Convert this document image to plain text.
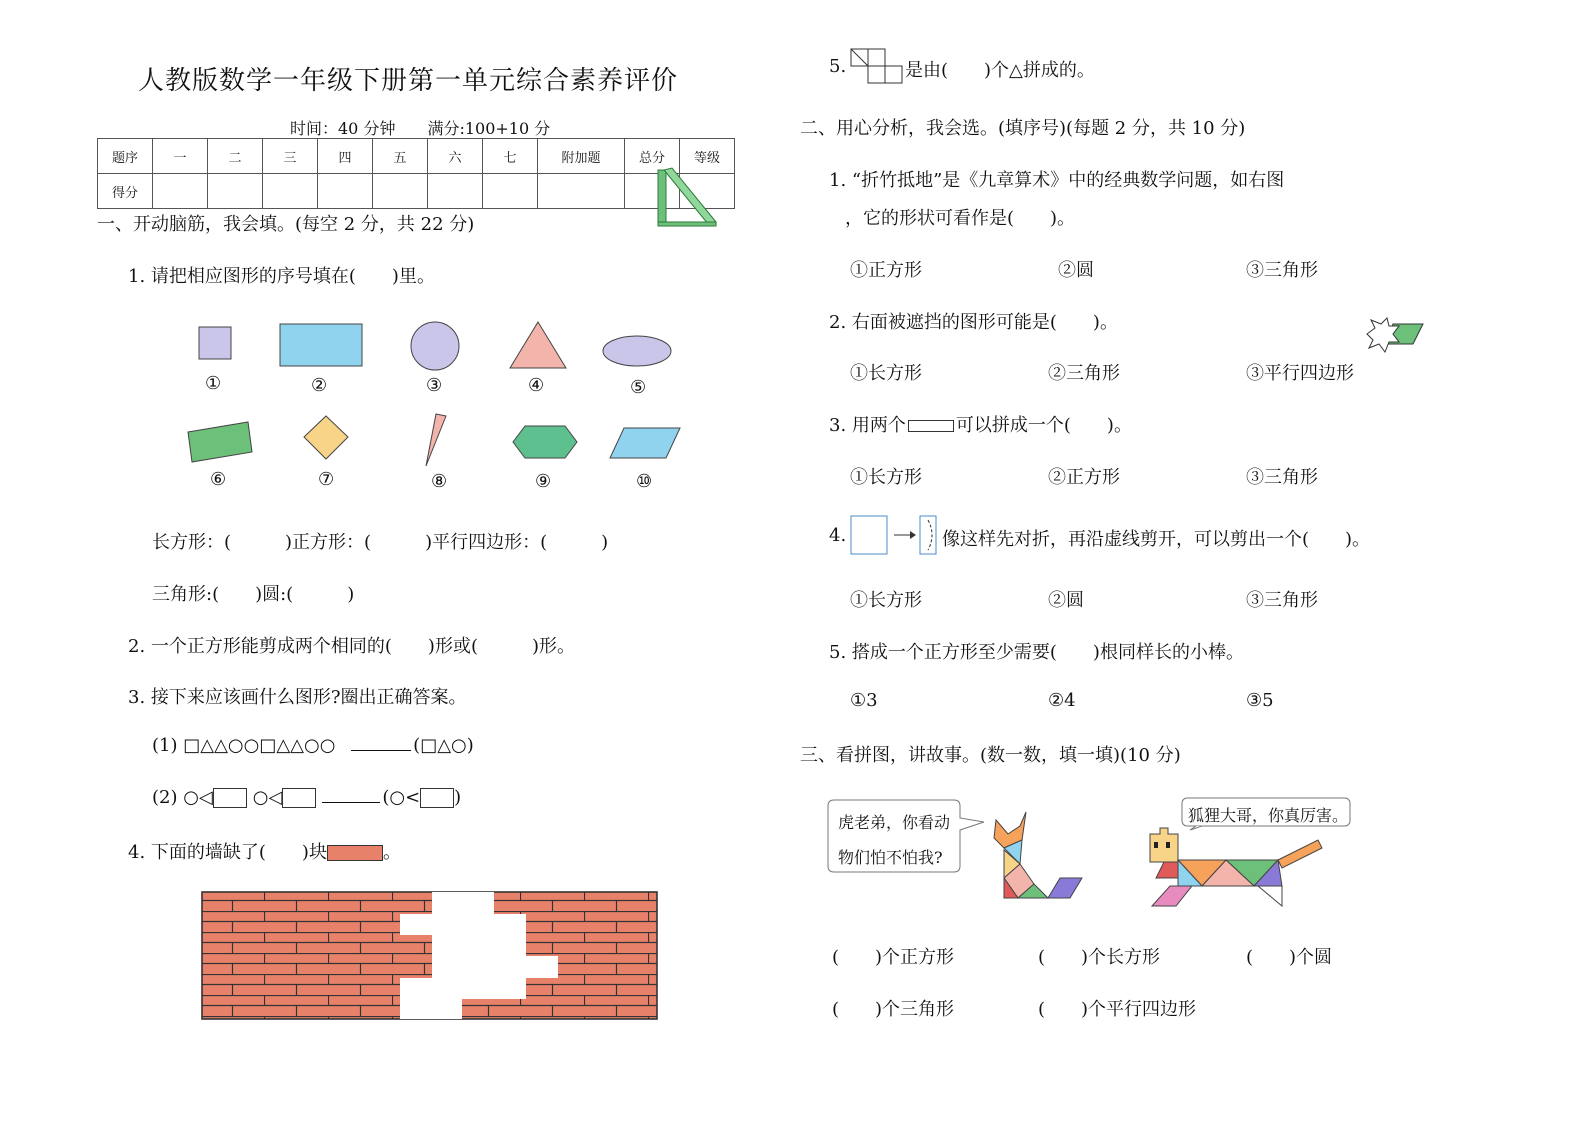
人教版数学一年级下册第一单元综合素养评价
时间：40 分钟　　满分:100+10 分
题序	一	二	三	四	五	六	七	附加题	总分	等级
得分										
一、开动脑筋，我会填。(每空 2 分，共 22 分)
1. 请把相应图形的序号填在(　　)里。
①	②	③	④	⑤
⑥	⑦	⑧	⑨	⑩
长方形：(　　　)正方形：(　　　)平行四边形：(　　　)
三角形:(　　)圆:(　　　)
2. 一个正方形能剪成两个相同的(　　)形或(　　　)形。
3. 接下来应该画什么图形?圈出正确答案。
(1) □△△○○□△△○○	(□△○)
(2) ○◁ ○◁	(○< )
4. 下面的墙缺了(　　)块	。
5.	是由(　　)个△拼成的。
二、用心分析，我会选。(填序号)(每题 2 分，共 10 分)
1. “折竹抵地”是《九章算术》中的经典数学问题，如右图
，它的形状可看作是(　　)。
①正方形	②圆	③三角形
2. 右面被遮挡的图形可能是(　　)。
①长方形	②三角形	③平行四边形
3. 用两个	可以拼成一个(　　)。
①长方形	②正方形	③三角形
4.	像这样先对折，再沿虚线剪开，可以剪出一个(　　)。
①长方形	②圆	③三角形
5. 搭成一个正方形至少需要(　　)根同样长的小棒。
①3	②4	③5
三、看拼图，讲故事。(数一数，填一填)(10 分)
虎老弟，你看动
物们怕不怕我?
狐狸大哥，你真厉害。
(　　)个正方形	(　　)个长方形	(　　)个圆
(　　)个三角形	(　　)个平行四边形
